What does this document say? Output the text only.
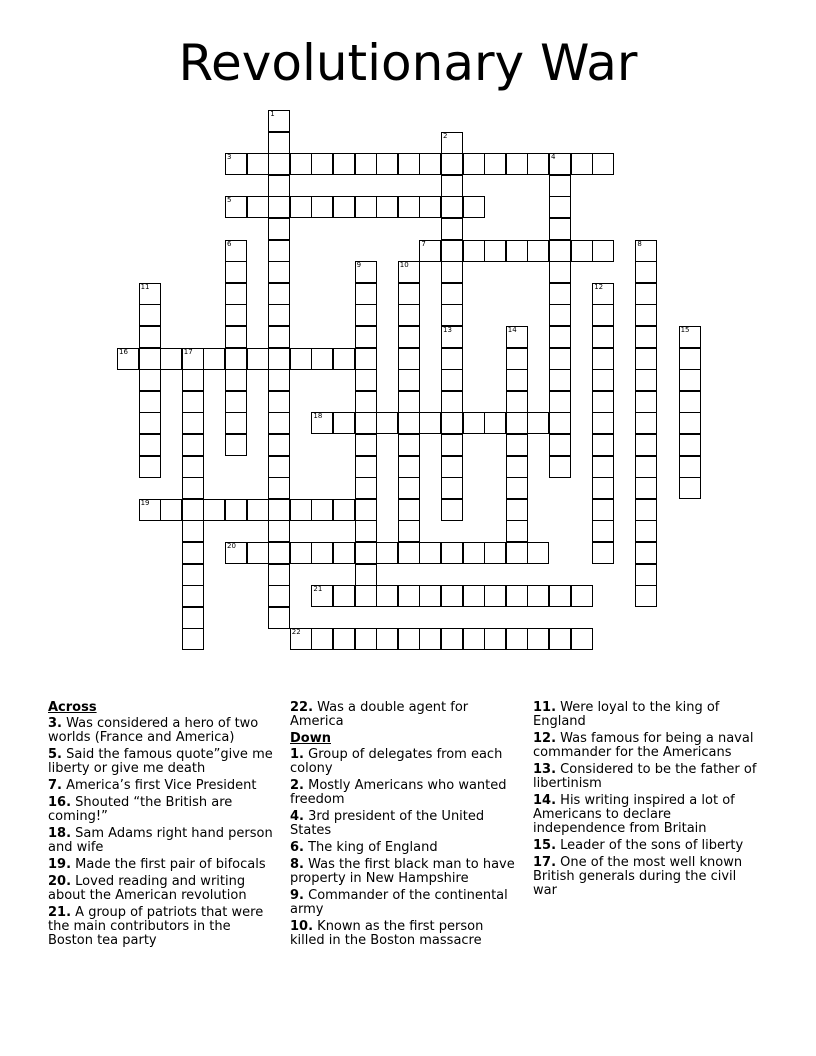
Revolutionary War
1
2
3	4
5
6	7	8
9	10
11	12
13	14	15
16	17
18
19
20
21
22
Across
3. Was considered a hero of two worlds (France and America)
5. Said the famous quote”give me liberty or give me death
7. America’s first Vice President
16. Shouted “the British are coming!”
18. Sam Adams right hand person and wife
19. Made the first pair of bifocals
20. Loved reading and writing about the American revolution
21. A group of patriots that were the main contributors in the Boston tea party
22. Was a double agent for America
Down
1. Group of delegates from each colony
2. Mostly Americans who wanted freedom
4. 3rd president of the United States
6. The king of England
8. Was the first black man to have property in New Hampshire
9. Commander of the continental army
10. Known as the first person killed in the Boston massacre
11. Were loyal to the king of England
12. Was famous for being a naval commander for the Americans
13. Considered to be the father of libertinism
14. His writing inspired a lot of Americans to declare independence from Britain
15. Leader of the sons of liberty
17. One of the most well known British generals during the civil war
